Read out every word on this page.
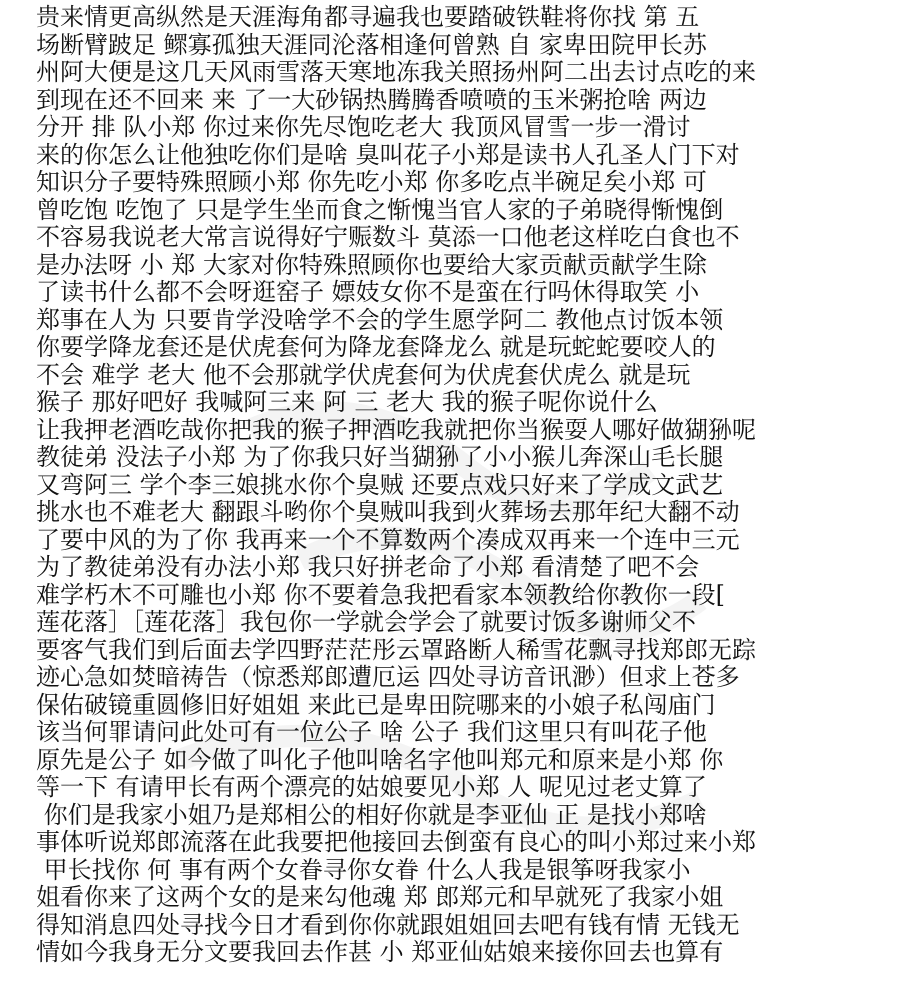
贵来情更高纵然是天涯海角都寻遍我也要踏破铁鞋将你找 第 五
场断臂跛足 鳏寡孤独天涯同沦落相逢何曾熟 自 家卑田院甲长苏
州阿大便是这几天风雨雪落天寒地冻我关照扬州阿二出去讨点吃的来
到现在还不回来 来 了一大砂锅热腾腾香喷喷的玉米粥抢啥 两边
分开 排 队小郑 你过来你先尽饱吃老大 我顶风冒雪一步一滑讨
来的你怎么让他独吃你们是啥 臭叫花子小郑是读书人孔圣人门下对
知识分子要特殊照顾小郑 你先吃小郑 你多吃点半碗足矣小郑 可
曾吃饱 吃饱了 只是学生坐而食之惭愧当官人家的子弟晓得惭愧倒
不容易我说老大常言说得好宁赈数斗 莫添一口他老这样吃白食也不
是办法呀 小 郑 大家对你特殊照顾你也要给大家贡献贡献学生除
了读书什么都不会呀逛窑子 嫖妓女你不是蛮在行吗休得取笑 小
郑事在人为 只要肯学没啥学不会的学生愿学阿二 教他点讨饭本领
你要学降龙套还是伏虎套何为降龙套降龙么 就是玩蛇蛇要咬人的
不会 难学 老大 他不会那就学伏虎套何为伏虎套伏虎么 就是玩
猴子 那好吧好 我喊阿三来 阿 三 老大 我的猴子呢你说什么
让我押老酒吃哉你把我的猴子押酒吃我就把你当猴耍人哪好做猢狲呢
教徒弟 没法子小郑 为了你我只好当猢狲了小小猴儿奔深山毛长腿
又弯阿三 学个李三娘挑水你个臭贼 还要点戏只好来了学成文武艺
挑水也不难老大 翻跟斗哟你个臭贼叫我到火葬场去那年纪大翻不动
了要中风的为了你 我再来一个不算数两个凑成双再来一个连中三元
为了教徒弟没有办法小郑 我只好拼老命了小郑 看清楚了吧不会
难学朽木不可雕也小郑 你不要着急我把看家本领教给你教你一段[
莲花落］［莲花落］我包你一学就会学会了就要讨饭多谢师父不
要客气我们到后面去学四野茫茫彤云罩路断人稀雪花飘寻找郑郎无踪
迹心急如焚暗祷告（惊悉郑郎遭厄运 四处寻访音讯渺）但求上苍多
保佑破镜重圆修旧好姐姐 来此已是卑田院哪来的小娘子私闯庙门
该当何罪请问此处可有一位公子 啥 公子 我们这里只有叫花子他
原先是公子 如今做了叫化子他叫啥名字他叫郑元和原来是小郑 你
等一下 有请甲长有两个漂亮的姑娘要见小郑 人 呢见过老丈算了
你们是我家小姐乃是郑相公的相好你就是李亚仙 正 是找小郑啥
事体听说郑郎流落在此我要把他接回去倒蛮有良心的叫小郑过来小郑
甲长找你 何 事有两个女眷寻你女眷 什么人我是银筝呀我家小
姐看你来了这两个女的是来勾他魂 郑 郎郑元和早就死了我家小姐
得知消息四处寻找今日才看到你你就跟姐姐回去吧有钱有情 无钱无
情如今我身无分文要我回去作甚 小 郑亚仙姑娘来接你回去也算有
